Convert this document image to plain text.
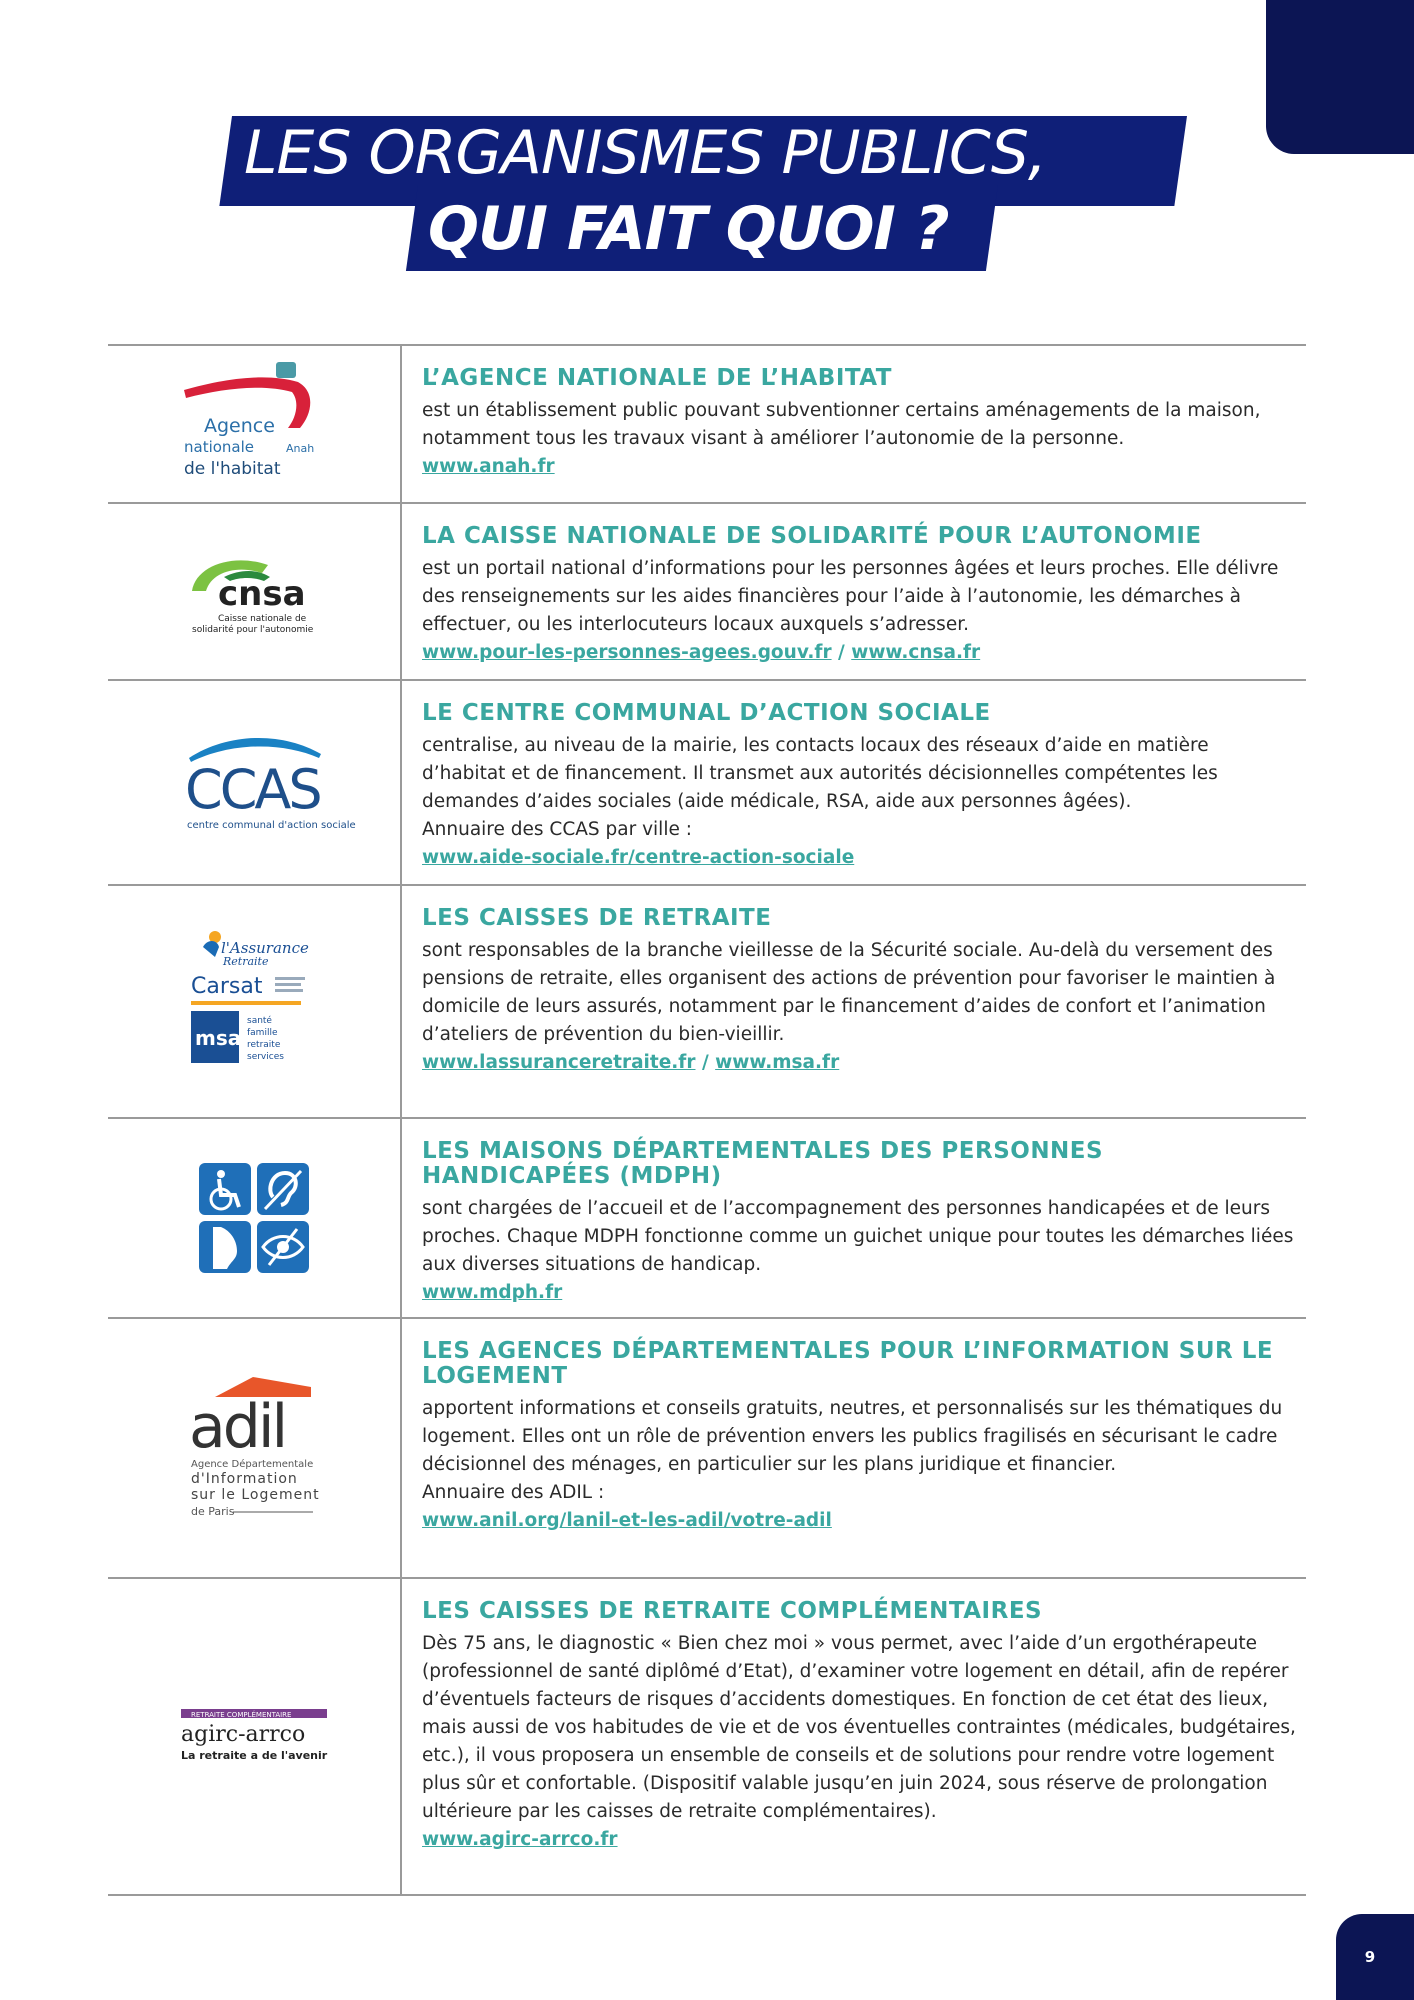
LES ORGANISMES PUBLICS,
QUI FAIT QUOI ?
Agence
nationale	Anah
de l'habitat
L’AGENCE NATIONALE DE L’HABITAT

est un établissement public pouvant subventionner certains aménagements de la maison, notamment tous les travaux visant à améliorer l’autonomie de la personne.

www.anah.fr
cnsa
Caisse nationale de
solidarité pour l'autonomie
LA CAISSE NATIONALE DE SOLIDARITÉ POUR L’AUTONOMIE

est un portail national d’informations pour les personnes âgées et leurs proches. Elle délivre des renseignements sur les aides financières pour l’aide à l’autonomie, les démarches à effectuer, ou les interlocuteurs locaux auxquels s’adresser.

www.pour-les-personnes-agees.gouv.fr / www.cnsa.fr
CCAS
centre communal d'action sociale
LE CENTRE COMMUNAL D’ACTION SOCIALE

centralise, au niveau de la mairie, les contacts locaux des réseaux d’aide en matière d’habitat et de financement. Il transmet aux autorités décisionnelles compétentes les demandes d’aides sociales (aide médicale, RSA, aide aux personnes âgées).

Annuaire des CCAS par ville :

www.aide-sociale.fr/centre-action-sociale
l'Assurance
Retraite
Carsat
msa
santé
famille
retraite
services
LES CAISSES DE RETRAITE

sont responsables de la branche vieillesse de la Sécurité sociale. Au-delà du versement des pensions de retraite, elles organisent des actions de prévention pour favoriser le maintien à domicile de leurs assurés, notamment par le financement d’aides de confort et l’animation d’ateliers de prévention du bien-vieillir.

www.lassuranceretraite.fr / www.msa.fr
LES MAISONS DÉPARTEMENTALES DES PERSONNES HANDICAPÉES (MDPH)

sont chargées de l’accueil et de l’accompagnement des personnes handicapées et de leurs proches. Chaque MDPH fonctionne comme un guichet unique pour toutes les démarches liées aux diverses situations de handicap.

www.mdph.fr
adil
Agence Départementale
d'Information
sur le Logement
de Paris
LES AGENCES DÉPARTEMENTALES POUR L’INFORMATION SUR LE LOGEMENT

apportent informations et conseils gratuits, neutres, et personnalisés sur les thématiques du logement. Elles ont un rôle de prévention envers les publics fragilisés en sécurisant le cadre décisionnel des ménages, en particulier sur les plans juridique et financier.

Annuaire des ADIL :

www.anil.org/lanil-et-les-adil/votre-adil
RETRAITE COMPLÉMENTAIRE
agirc-arrco
La retraite a de l'avenir
LES CAISSES DE RETRAITE COMPLÉMENTAIRES

Dès 75 ans, le diagnostic « Bien chez moi » vous permet, avec l’aide d’un ergothérapeute (professionnel de santé diplômé d’Etat), d’examiner votre logement en détail, afin de repérer d’éventuels facteurs de risques d’accidents domestiques. En fonction de cet état des lieux, mais aussi de vos habitudes de vie et de vos éventuelles contraintes (médicales, budgétaires, etc.), il vous proposera un ensemble de conseils et de solutions pour rendre votre logement plus sûr et confortable. (Dispositif valable jusqu’en juin 2024, sous réserve de prolongation ultérieure par les caisses de retraite complémentaires).

www.agirc-arrco.fr
9
